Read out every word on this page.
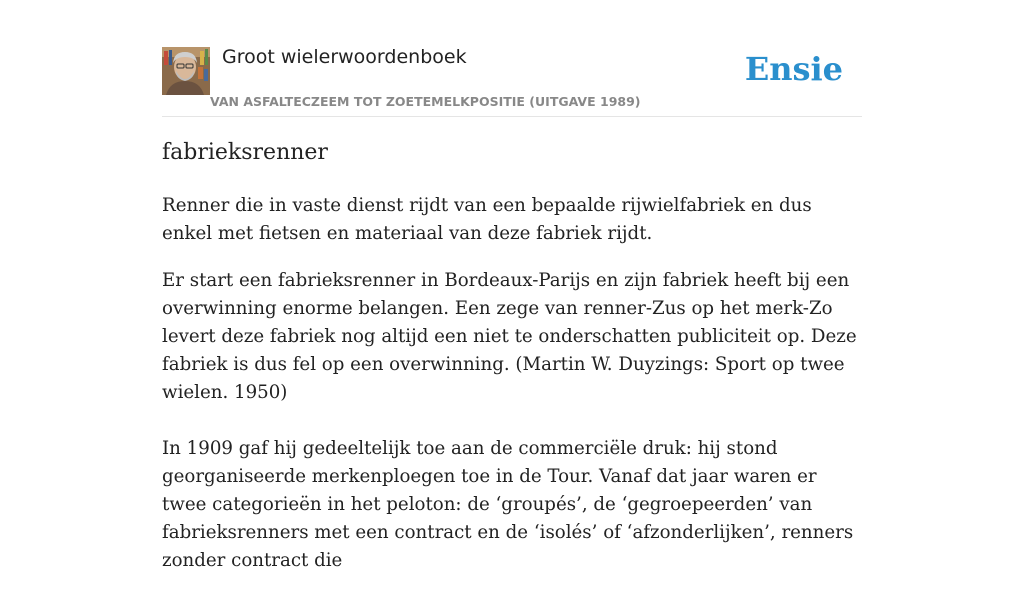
Groot wielerwoordenboek
VAN ASFALTECZEEM TOT ZOETEMELKPOSITIE (UITGAVE 1989)
Ensie
fabrieksrenner

Renner die in vaste dienst rijdt van een bepaalde rijwielfabriek en dus enkel met fietsen en materiaal van deze fabriek rijdt.

Er start een fabrieksrenner in Bordeaux-Parijs en zijn fabriek heeft bij een overwinning enorme belangen. Een zege van renner-Zus op het merk-Zo levert deze fabriek nog altijd een niet te onderschatten publiciteit op. Deze fabriek is dus fel op een overwinning. (Martin W. Duyzings: Sport op twee wielen. 1950)

In 1909 gaf hij gedeeltelijk toe aan de commerciële druk: hij stond georganiseerde merkenploegen toe in de Tour. Vanaf dat jaar waren er twee categorieën in het peloton: de ‘groupés’, de ‘gegroepeerden’ van fabrieksrenners met een contract en de ‘isolés’ of ‘afzonderlijken’, renners zonder contract die
